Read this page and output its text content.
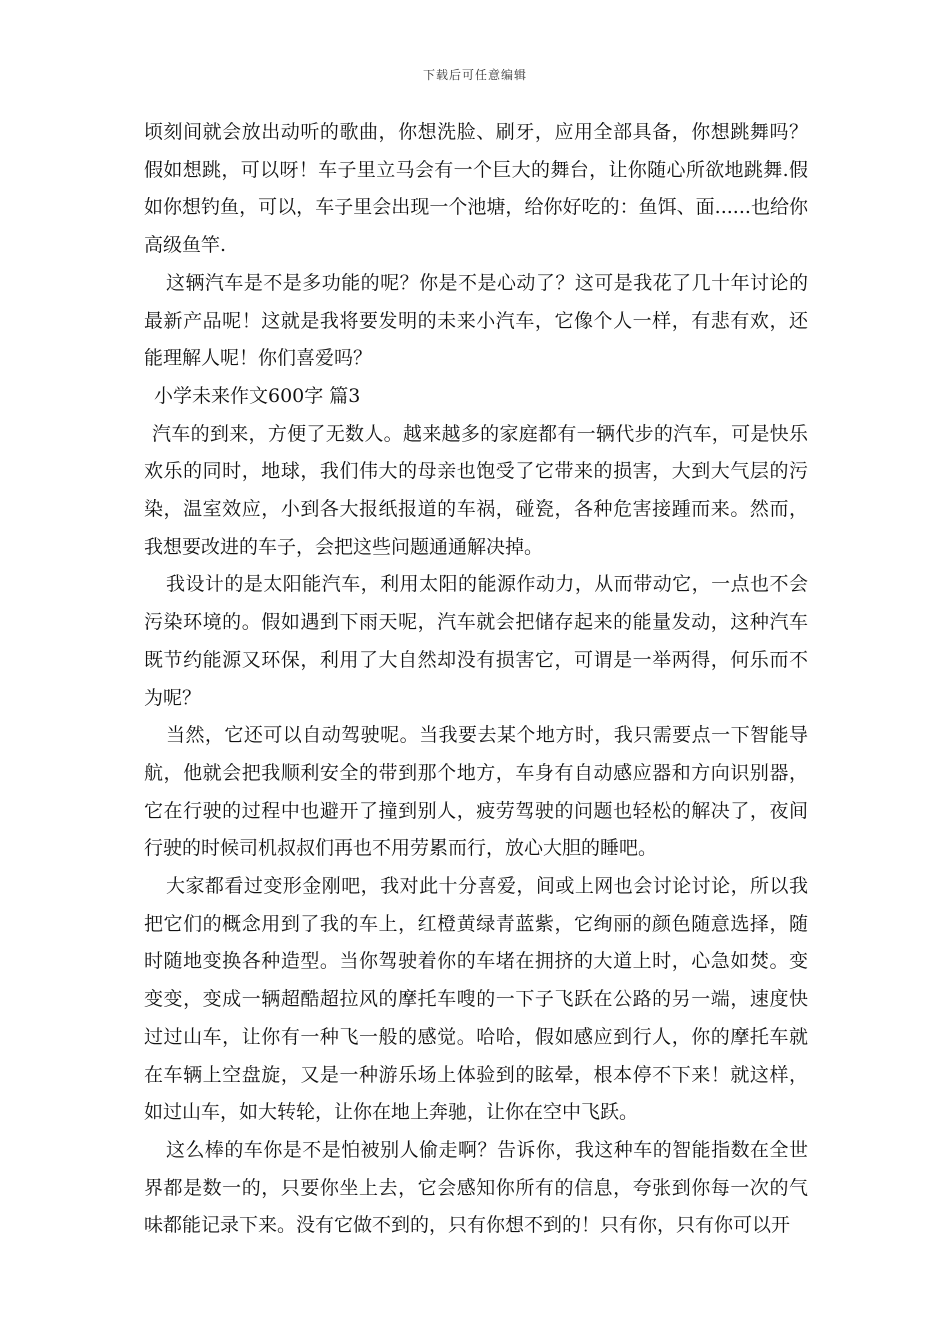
下载后可任意编辑

顷刻间就会放出动听的歌曲，你想洗脸、刷牙，应用全部具备，你想跳舞吗？假如想跳，可以呀！车子里立马会有一个巨大的舞台，让你随心所欲地跳舞.假如你想钓鱼，可以，车子里会出现一个池塘，给你好吃的：鱼饵、面......也给你高级鱼竿.

这辆汽车是不是多功能的呢？你是不是心动了？这可是我花了几十年讨论的最新产品呢！这就是我将要发明的未来小汽车，它像个人一样，有悲有欢，还能理解人呢！你们喜爱吗？

小学未来作文600字 篇3

汽车的到来，方便了无数人。越来越多的家庭都有一辆代步的汽车，可是快乐欢乐的同时，地球，我们伟大的母亲也饱受了它带来的损害，大到大气层的污染，温室效应，小到各大报纸报道的车祸，碰瓷，各种危害接踵而来。然而，我想要改进的车子，会把这些问题通通解决掉。

我设计的是太阳能汽车，利用太阳的能源作动力，从而带动它，一点也不会污染环境的。假如遇到下雨天呢，汽车就会把储存起来的能量发动，这种汽车既节约能源又环保，利用了大自然却没有损害它，可谓是一举两得，何乐而不为呢？

当然，它还可以自动驾驶呢。当我要去某个地方时，我只需要点一下智能导航，他就会把我顺利安全的带到那个地方，车身有自动感应器和方向识别器，它在行驶的过程中也避开了撞到别人，疲劳驾驶的问题也轻松的解决了，夜间行驶的时候司机叔叔们再也不用劳累而行，放心大胆的睡吧。

大家都看过变形金刚吧，我对此十分喜爱，间或上网也会讨论讨论，所以我把它们的概念用到了我的车上，红橙黄绿青蓝紫，它绚丽的颜色随意选择，随时随地变换各种造型。当你驾驶着你的车堵在拥挤的大道上时，心急如焚。变变变，变成一辆超酷超拉风的摩托车嗖的一下子飞跃在公路的另一端，速度快过过山车，让你有一种飞一般的感觉。哈哈，假如感应到行人，你的摩托车就在车辆上空盘旋，又是一种游乐场上体验到的眩晕，根本停不下来！就这样，如过山车，如大转轮，让你在地上奔驰，让你在空中飞跃。

这么棒的车你是不是怕被别人偷走啊？告诉你，我这种车的智能指数在全世界都是数一的，只要你坐上去，它会感知你所有的信息，夸张到你每一次的气味都能记录下来。没有它做不到的，只有你想不到的！只有你，只有你可以开
